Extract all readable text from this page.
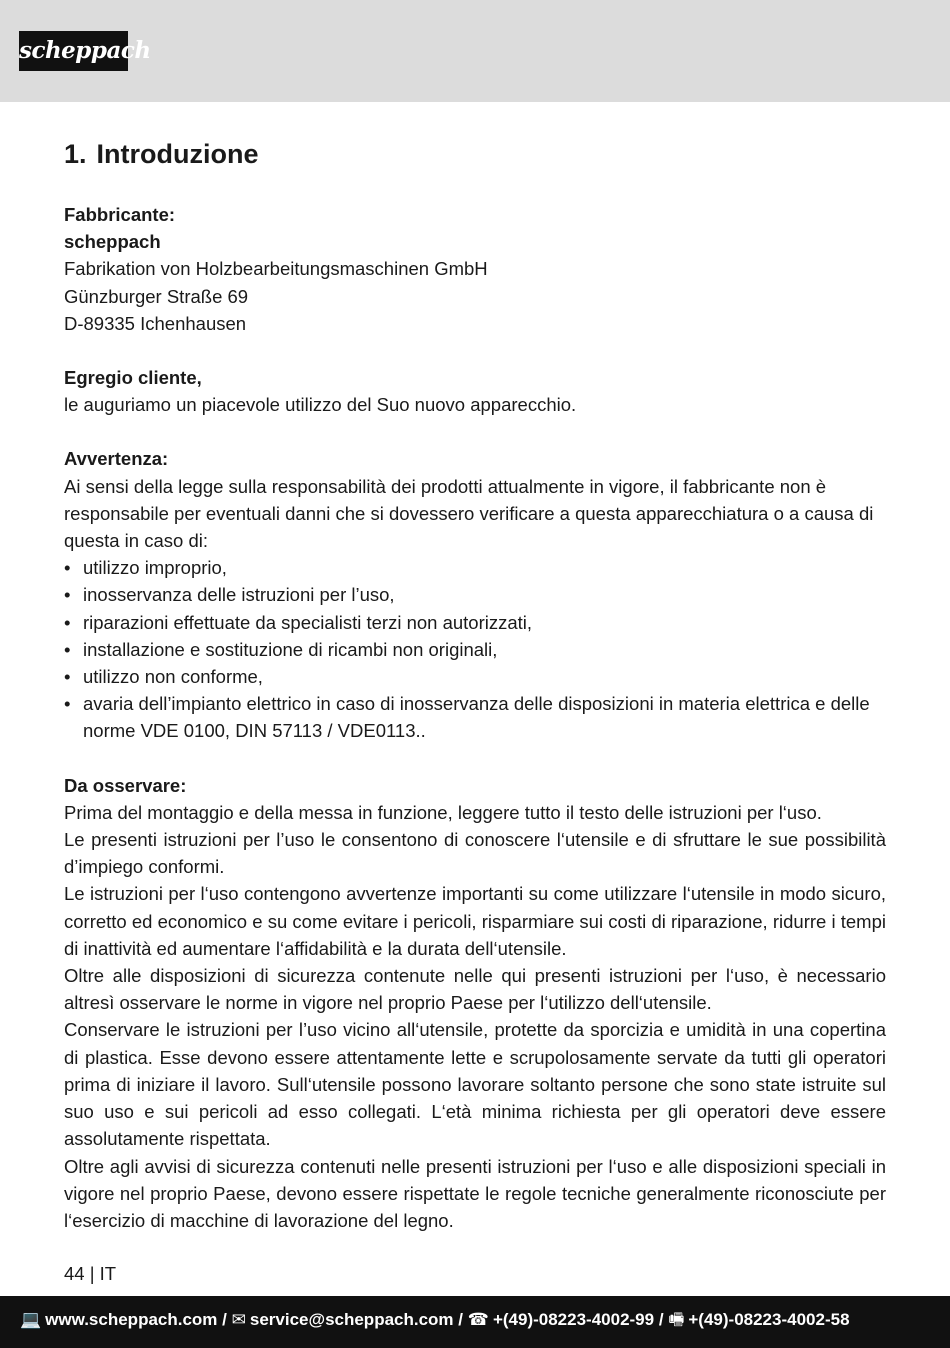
scheppach
1. Introduzione
Fabbricante:
scheppach

Fabrikation von Holzbearbeitungsmaschinen GmbH

Günzburger Straße 69

D-89335 Ichenhausen

Egregio cliente,

le auguriamo un piacevole utilizzo del Suo nuovo apparecchio.

Avvertenza:

Ai sensi della legge sulla responsabilità dei prodotti attualmente in vigore, il fabbricante non è responsabile per eventuali danni che si dovessero verificare a questa apparecchiatura o a causa di questa in caso di:

• utilizzo improprio,
• inosservanza delle istruzioni per l’uso,
• riparazioni effettuate da specialisti terzi non autorizzati,
• installazione e sostituzione di ricambi non originali,
• utilizzo non conforme,
• avaria dell’impianto elettrico in caso di inosservanza delle disposizioni in materia elettrica e delle norme VDE 0100, DIN 57113 / VDE0113..
Da osservare:

Prima del montaggio e della messa in funzione, leggere tutto il testo delle istruzioni per l‘uso.

Le presenti istruzioni per l’uso le consentono di conoscere l‘utensile e di sfruttare le sue possibilità d’impiego conformi.

Le istruzioni per l‘uso contengono avvertenze importanti su come utilizzare l‘utensile in modo sicuro, corretto ed economico e su come evitare i pericoli, risparmiare sui costi di riparazione, ridurre i tempi di inattività ed aumentare l‘affidabilità e la durata dell‘utensile.

Oltre alle disposizioni di sicurezza contenute nelle qui presenti istruzioni per l‘uso, è necessario altresì osservare le norme in vigore nel proprio Paese per l‘utilizzo dell‘utensile.

Conservare le istruzioni per l’uso vicino all‘utensile, protette da sporcizia e umidità in una copertina di plastica. Esse devono essere attentamente lette e scrupolosamente servate da tutti gli operatori prima di iniziare il lavoro. Sull‘utensile possono lavorare soltanto persone che sono state istruite sul suo uso e sui pericoli ad esso collegati. L‘età minima richiesta per gli operatori deve essere assolutamente rispettata.

Oltre agli avvisi di sicurezza contenuti nelle presenti istruzioni per l‘uso e alle disposizioni speciali in vigore nel proprio Paese, devono essere rispettate le regole tecniche generalmente riconosciute per l‘esercizio di macchine di lavorazione del legno.

44 | IT
💻 www.scheppach.com / ✉ service@scheppach.com / ☎ +(49)-08223-4002-99 / 🖷 +(49)-08223-4002-58
